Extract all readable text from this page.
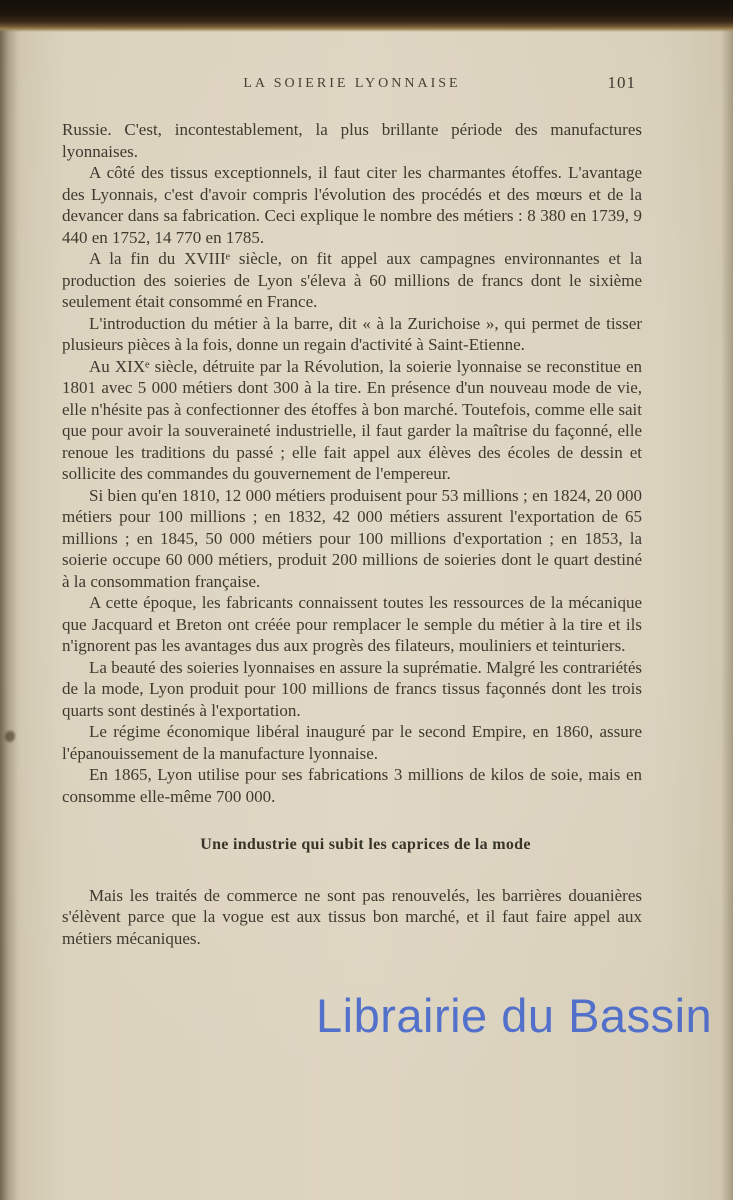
LA SOIERIE LYONNAISE	101

Russie. C'est, incontestablement, la plus brillante période des manufactures lyonnaises.

A côté des tissus exceptionnels, il faut citer les charmantes étoffes. L'avantage des Lyonnais, c'est d'avoir compris l'évolution des procédés et des mœurs et de la devancer dans sa fabrication. Ceci explique le nombre des métiers : 8 380 en 1739, 9 440 en 1752, 14 770 en 1785.

A la fin du XVIIIᵉ siècle, on fit appel aux campagnes environnantes et la production des soieries de Lyon s'éleva à 60 millions de francs dont le sixième seulement était consommé en France.

L'introduction du métier à la barre, dit « à la Zurichoise », qui permet de tisser plusieurs pièces à la fois, donne un regain d'activité à Saint-Etienne.

Au XIXᵉ siècle, détruite par la Révolution, la soierie lyonnaise se reconstitue en 1801 avec 5 000 métiers dont 300 à la tire. En présence d'un nouveau mode de vie, elle n'hésite pas à confectionner des étoffes à bon marché. Toutefois, comme elle sait que pour avoir la souveraineté industrielle, il faut garder la maîtrise du façonné, elle renoue les traditions du passé ; elle fait appel aux élèves des écoles de dessin et sollicite des commandes du gouvernement de l'empereur.

Si bien qu'en 1810, 12 000 métiers produisent pour 53 millions ; en 1824, 20 000 métiers pour 100 millions ; en 1832, 42 000 métiers assurent l'exportation de 65 millions ; en 1845, 50 000 métiers pour 100 millions d'exportation ; en 1853, la soierie occupe 60 000 métiers, produit 200 millions de soieries dont le quart destiné à la consommation française.

A cette époque, les fabricants connaissent toutes les ressources de la mécanique que Jacquard et Breton ont créée pour remplacer le semple du métier à la tire et ils n'ignorent pas les avantages dus aux progrès des filateurs, mouliniers et teinturiers.

La beauté des soieries lyonnaises en assure la suprématie. Malgré les contrariétés de la mode, Lyon produit pour 100 millions de francs tissus façonnés dont les trois quarts sont destinés à l'exportation.

Le régime économique libéral inauguré par le second Empire, en 1860, assure l'épanouissement de la manufacture lyonnaise.

En 1865, Lyon utilise pour ses fabrications 3 millions de kilos de soie, mais en consomme elle-même 700 000.

Une industrie qui subit les caprices de la mode

Mais les traités de commerce ne sont pas renouvelés, les barrières douanières s'élèvent parce que la vogue est aux tissus bon marché, et il faut faire appel aux métiers mécaniques.

Librairie du Bassin
